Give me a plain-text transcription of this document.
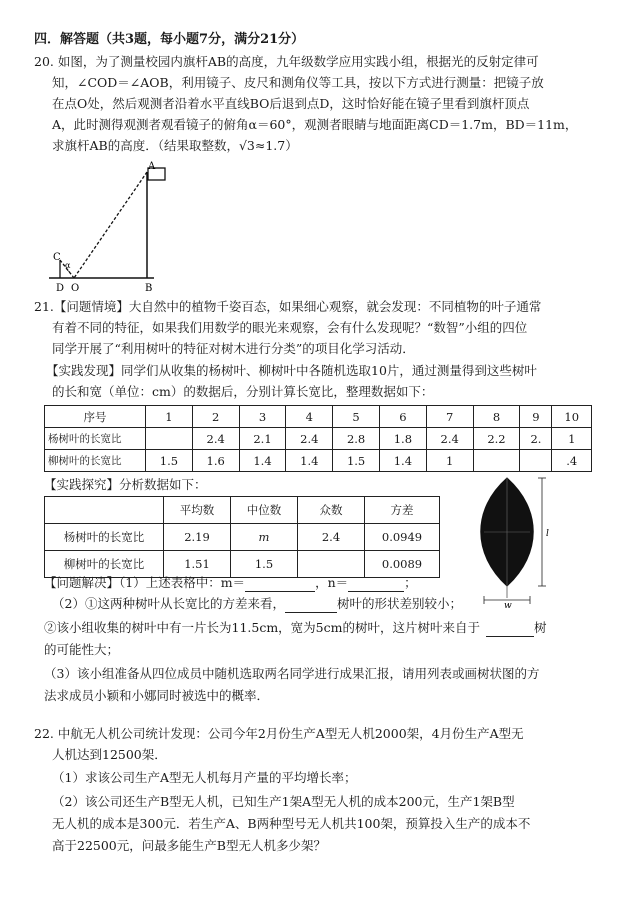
四．解答题（共3题，每小题7分，满分21分）
20. 如图，为了测量校园内旗杆AB的高度，九年级数学应用实践小组，根据光的反射定律可
知，∠COD＝∠AOB，利用镜子、皮尺和测角仪等工具，按以下方式进行测量：把镜子放
在点O处，然后观测者沿着水平直线BO后退到点D，这时恰好能在镜子里看到旗杆顶点
A，此时测得观测者观看镜子的俯角α＝60°，观测者眼睛与地面距离CD＝1.7m，BD＝11m，
求旗杆AB的高度．（结果取整数，√3≈1.7）
A
B
C
D O
α
21.【问题情境】大自然中的植物千姿百态，如果细心观察，就会发现：不同植物的叶子通常
有着不同的特征，如果我们用数学的眼光来观察，会有什么发现呢？“数智”小组的四位
同学开展了“利用树叶的特征对树木进行分类”的项目化学习活动．
【实践发现】同学们从收集的杨树叶、柳树叶中各随机选取10片，通过测量得到这些树叶
的长和宽（单位：cm）的数据后，分别计算长宽比，整理数据如下：
序号	1	2	3	4	5	6	7	8	9	10
杨树叶的长宽比		2.4	2.1	2.4	2.8	1.8	2.4	2.2	2.	1
柳树叶的长宽比	1.5	1.6	1.4	1.4	1.5	1.4	1			.4
【实践探究】分析数据如下：
	平均数	中位数	众数	方差
杨树叶的长宽比	2.19	m	2.4	0.0949
柳树叶的长宽比	1.51	1.5		0.0089
l
w
【问题解决】（1）上述表格中：m＝	，n＝	；
（2）①这两种树叶从长宽比的方差来看，	树叶的形状差别较小；
②该小组收集的树叶中有一片长为11.5cm，宽为5cm的树叶，这片树叶来自于	树
的可能性大；
（3）该小组准备从四位成员中随机选取两名同学进行成果汇报，请用列表或画树状图的方
法求成员小颖和小娜同时被选中的概率．
22. 中航无人机公司统计发现：公司今年2月份生产A型无人机2000架，4月份生产A型无
人机达到12500架．
（1）求该公司生产A型无人机每月产量的平均增长率；
（2）该公司还生产B型无人机，已知生产1架A型无人机的成本200元，生产1架B型
无人机的成本是300元．若生产A、B两种型号无人机共100架，预算投入生产的成本不
高于22500元，问最多能生产B型无人机多少架？
